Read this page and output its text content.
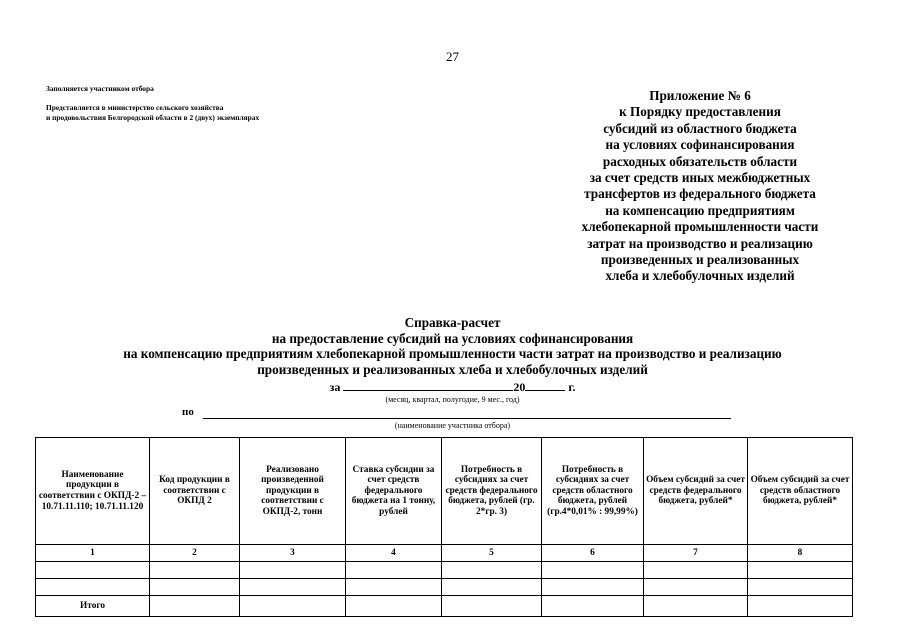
27
Заполняется участником отбора
Представляется в министерство сельского хозяйства
и продовольствия Белгородской области в 2 (двух) экземплярах
Приложение № 6
к Порядку предоставления
субсидий из областного бюджета
на условиях софинансирования
расходных обязательств области
за счет средств иных межбюджетных
трансфертов из федерального бюджета
на компенсацию предприятиям
хлебопекарной промышленности части
затрат на производство и реализацию
произведенных и реализованных
хлеба и хлебобулочных изделий
Справка-расчет
на предоставление субсидий на условиях софинансирования
на компенсацию предприятиям хлебопекарной промышленности части затрат на производство и реализацию
произведенных и реализованных хлеба и хлебобулочных изделий
за	20	г.
(месяц, квартал, полугодие, 9 мес., год)
по
(наименование участника отбора)
Наименование продукции в соответствии с ОКПД-2 – 10.71.11.110; 10.71.11.120	Код продукции в соответствии с ОКПД 2	Реализовано произведенной продукции в соответствии с ОКПД-2, тонн	Ставка субсидии за счет средств федерального бюджета на 1 тонну, рублей	Потребность в субсидиях за счет средств федерального бюджета, рублей (гр. 2*гр. 3)	Потребность в субсидиях за счет средств областного бюджета, рублей (гр.4*0,01% : 99,99%)	Объем субсидий за счет средств федерального бюджета, рублей*	Объем субсидий за счет средств областного бюджета, рублей*
1	2	3	4	5	6	7	8

Итого							
